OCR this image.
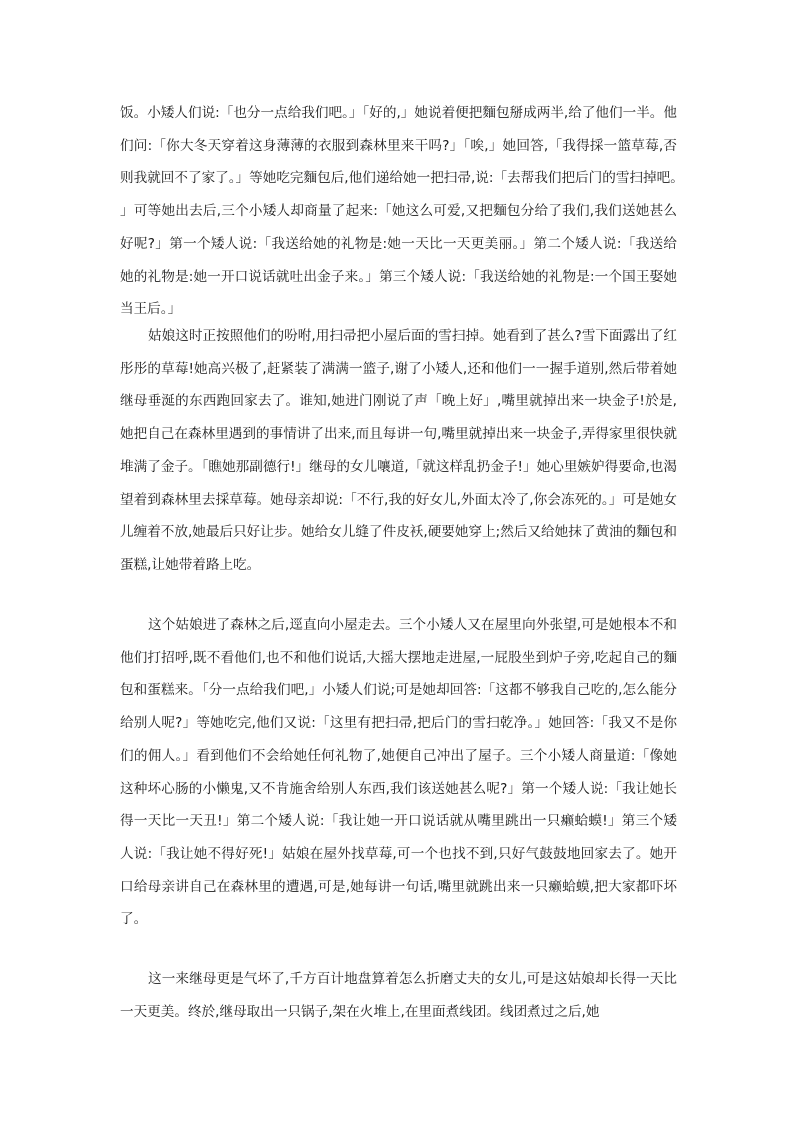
饭。小矮人们说:「也分一点给我们吧。」「好的,」她说着便把麵包掰成两半,给了他们一半。他们问:「你大冬天穿着这身薄薄的衣服到森林里来干吗?」「唉,」她回答,「我得採一篮草莓,否则我就回不了家了。」等她吃完麵包后,他们递给她一把扫帚,说:「去帮我们把后门的雪扫掉吧。」可等她出去后,三个小矮人却商量了起来:「她这么可爱,又把麵包分给了我们,我们送她甚么好呢?」第一个矮人说:「我送给她的礼物是:她一天比一天更美丽。」第二个矮人说:「我送给她的礼物是:她一开口说话就吐出金子来。」第三个矮人说:「我送给她的礼物是:一个国王娶她当王后。」

姑娘这时正按照他们的吩咐,用扫帚把小屋后面的雪扫掉。她看到了甚么?雪下面露出了红彤彤的草莓!她高兴极了,赶紧装了满满一篮子,谢了小矮人,还和他们一一握手道别,然后带着她继母垂涎的东西跑回家去了。谁知,她进门刚说了声「晚上好」,嘴里就掉出来一块金子!於是,她把自己在森林里遇到的事情讲了出来,而且每讲一句,嘴里就掉出来一块金子,弄得家里很快就堆满了金子。「瞧她那副德行!」继母的女儿嚷道,「就这样乱扔金子!」她心里嫉妒得要命,也渴望着到森林里去採草莓。她母亲却说:「不行,我的好女儿,外面太冷了,你会冻死的。」可是她女儿缠着不放,她最后只好让步。她给女儿缝了件皮袄,硬要她穿上;然后又给她抹了黄油的麵包和蛋糕,让她带着路上吃。

这个姑娘进了森林之后,逕直向小屋走去。三个小矮人又在屋里向外张望,可是她根本不和他们打招呼,既不看他们,也不和他们说话,大摇大摆地走进屋,一屁股坐到炉子旁,吃起自己的麵包和蛋糕来。「分一点给我们吧,」小矮人们说;可是她却回答:「这都不够我自己吃的,怎么能分给别人呢?」等她吃完,他们又说:「这里有把扫帚,把后门的雪扫乾净。」她回答:「我又不是你们的佣人。」看到他们不会给她任何礼物了,她便自己冲出了屋子。三个小矮人商量道:「像她这种坏心肠的小懒鬼,又不肯施舍给别人东西,我们该送她甚么呢?」第一个矮人说:「我让她长得一天比一天丑!」第二个矮人说:「我让她一开口说话就从嘴里跳出一只癞蛤蟆!」第三个矮人说:「我让她不得好死!」姑娘在屋外找草莓,可一个也找不到,只好气鼓鼓地回家去了。她开口给母亲讲自己在森林里的遭遇,可是,她每讲一句话,嘴里就跳出来一只癞蛤蟆,把大家都吓坏了。

这一来继母更是气坏了,千方百计地盘算着怎么折磨丈夫的女儿,可是这姑娘却长得一天比一天更美。终於,继母取出一只锅子,架在火堆上,在里面煮线团。线团煮过之后,她
